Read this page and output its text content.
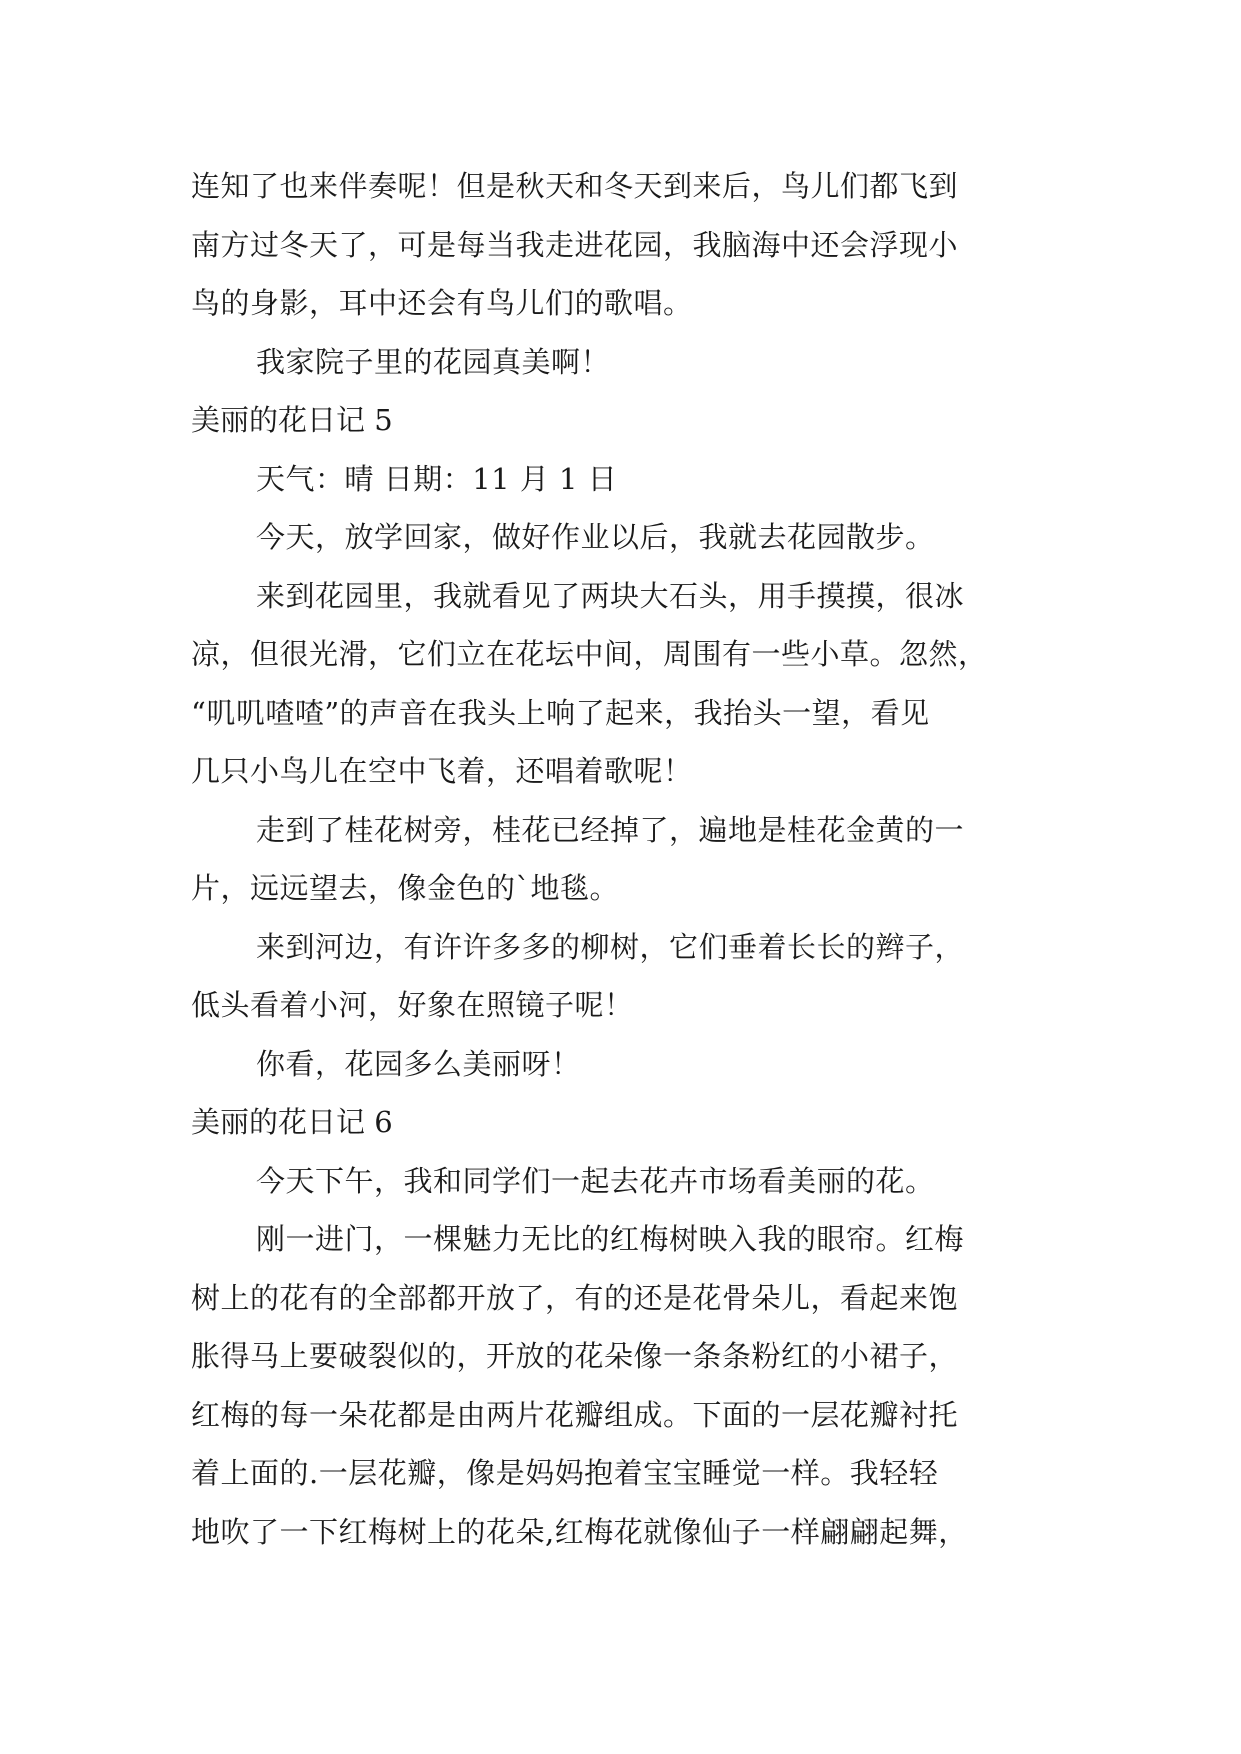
连知了也来伴奏呢！但是秋天和冬天到来后，鸟儿们都飞到
南方过冬天了，可是每当我走进花园，我脑海中还会浮现小
鸟的身影，耳中还会有鸟儿们的歌唱。
我家院子里的花园真美啊！
美丽的花日记 5
天气：晴 日期：11 月 1 日
今天，放学回家，做好作业以后，我就去花园散步。
来到花园里，我就看见了两块大石头，用手摸摸，很冰
凉，但很光滑，它们立在花坛中间，周围有一些小草。忽然，
“叽叽喳喳”的声音在我头上响了起来，我抬头一望，看见
几只小鸟儿在空中飞着，还唱着歌呢！
走到了桂花树旁，桂花已经掉了，遍地是桂花金黄的一
片，远远望去，像金色的`地毯。
来到河边，有许许多多的柳树，它们垂着长长的辫子，
低头看着小河，好象在照镜子呢！
你看，花园多么美丽呀！
美丽的花日记 6
今天下午，我和同学们一起去花卉市场看美丽的花。
刚一进门，一棵魅力无比的红梅树映入我的眼帘。红梅
树上的花有的全部都开放了，有的还是花骨朵儿，看起来饱
胀得马上要破裂似的，开放的花朵像一条条粉红的小裙子，
红梅的每一朵花都是由两片花瓣组成。下面的一层花瓣衬托
着上面的.一层花瓣，像是妈妈抱着宝宝睡觉一样。我轻轻
地吹了一下红梅树上的花朵,红梅花就像仙子一样翩翩起舞，
